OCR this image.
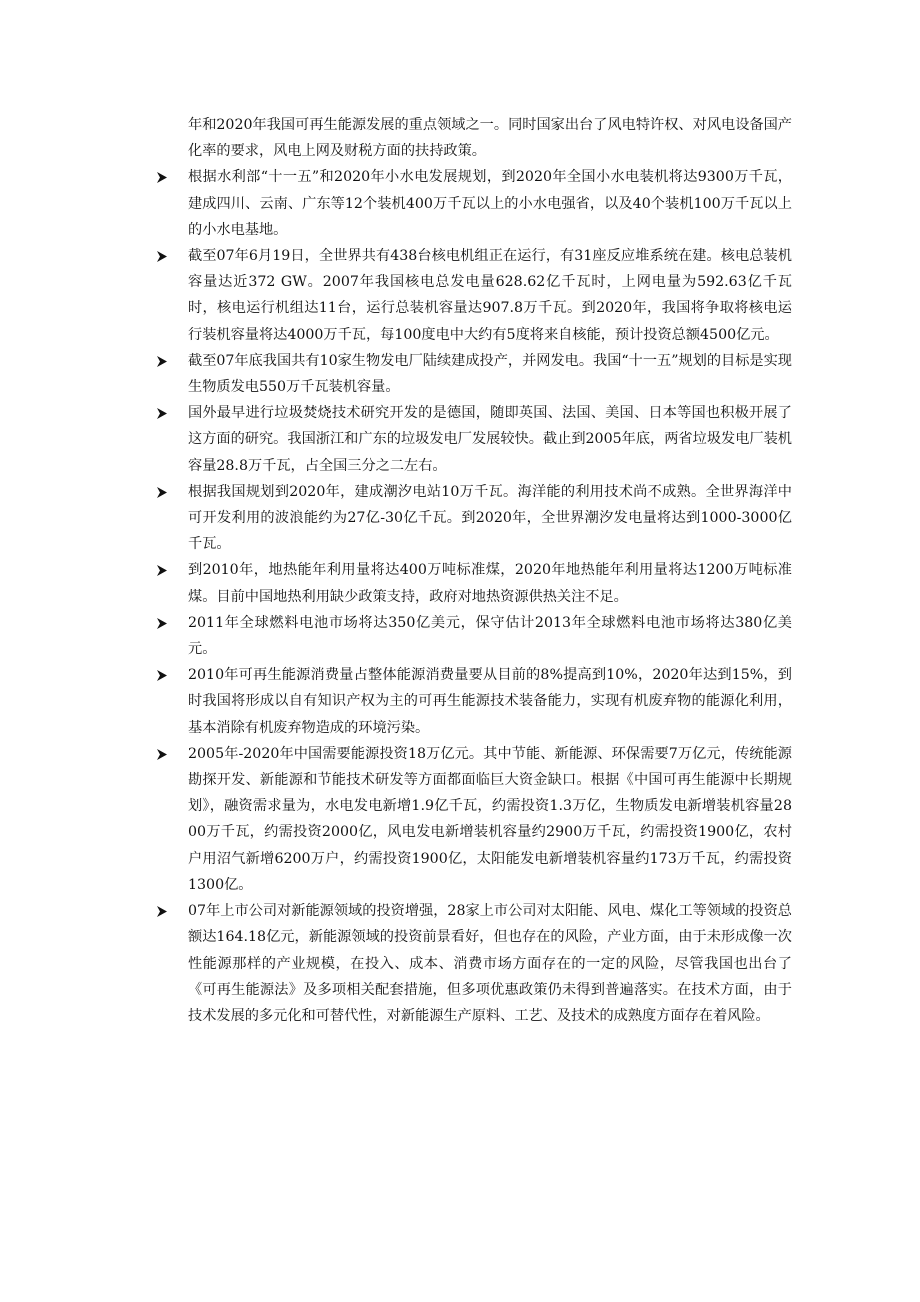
年和2020年我国可再生能源发展的重点领域之一。同时国家出台了风电特许权、对风电设备国产化率的要求，风电上网及财税方面的扶持政策。

根据水利部“十一五”和2020年小水电发展规划，到2020年全国小水电装机将达9300万千瓦，建成四川、云南、广东等12个装机400万千瓦以上的小水电强省，以及40个装机100万千瓦以上的小水电基地。

截至07年6月19日，全世界共有438台核电机组正在运行，有31座反应堆系统在建。核电总装机容量达近372 GW。2007年我国核电总发电量628.62亿千瓦时，上网电量为592.63亿千瓦时，核电运行机组达11台，运行总装机容量达907.8万千瓦。到2020年，我国将争取将核电运行装机容量将达4000万千瓦，每100度电中大约有5度将来自核能，预计投资总额4500亿元。

截至07年底我国共有10家生物发电厂陆续建成投产，并网发电。我国“十一五”规划的目标是实现生物质发电550万千瓦装机容量。

国外最早进行垃圾焚烧技术研究开发的是德国，随即英国、法国、美国、日本等国也积极开展了这方面的研究。我国浙江和广东的垃圾发电厂发展较快。截止到2005年底，两省垃圾发电厂装机容量28.8万千瓦，占全国三分之二左右。

根据我国规划到2020年，建成潮汐电站10万千瓦。海洋能的利用技术尚不成熟。全世界海洋中可开发利用的波浪能约为27亿-30亿千瓦。到2020年，全世界潮汐发电量将达到1000-3000亿千瓦。

到2010年，地热能年利用量将达400万吨标准煤，2020年地热能年利用量将达1200万吨标准煤。目前中国地热利用缺少政策支持，政府对地热资源供热关注不足。

2011年全球燃料电池市场将达350亿美元，保守估计2013年全球燃料电池市场将达380亿美元。

2010年可再生能源消费量占整体能源消费量要从目前的8%提高到10%，2020年达到15%，到时我国将形成以自有知识产权为主的可再生能源技术装备能力，实现有机废弃物的能源化利用，基本消除有机废弃物造成的环境污染。

2005年-2020年中国需要能源投资18万亿元。其中节能、新能源、环保需要7万亿元，传统能源勘探开发、新能源和节能技术研发等方面都面临巨大资金缺口。根据《中国可再生能源中长期规划》，融资需求量为，水电发电新增1.9亿千瓦，约需投资1.3万亿，生物质发电新增装机容量2800万千瓦，约需投资2000亿，风电发电新增装机容量约2900万千瓦，约需投资1900亿，农村户用沼气新增6200万户，约需投资1900亿，太阳能发电新增装机容量约173万千瓦，约需投资1300亿。

07年上市公司对新能源领域的投资增强，28家上市公司对太阳能、风电、煤化工等领域的投资总额达164.18亿元，新能源领域的投资前景看好，但也存在的风险，产业方面，由于未形成像一次性能源那样的产业规模，在投入、成本、消费市场方面存在的一定的风险，尽管我国也出台了《可再生能源法》及多项相关配套措施，但多项优惠政策仍未得到普遍落实。在技术方面，由于技术发展的多元化和可替代性，对新能源生产原料、工艺、及技术的成熟度方面存在着风险。
